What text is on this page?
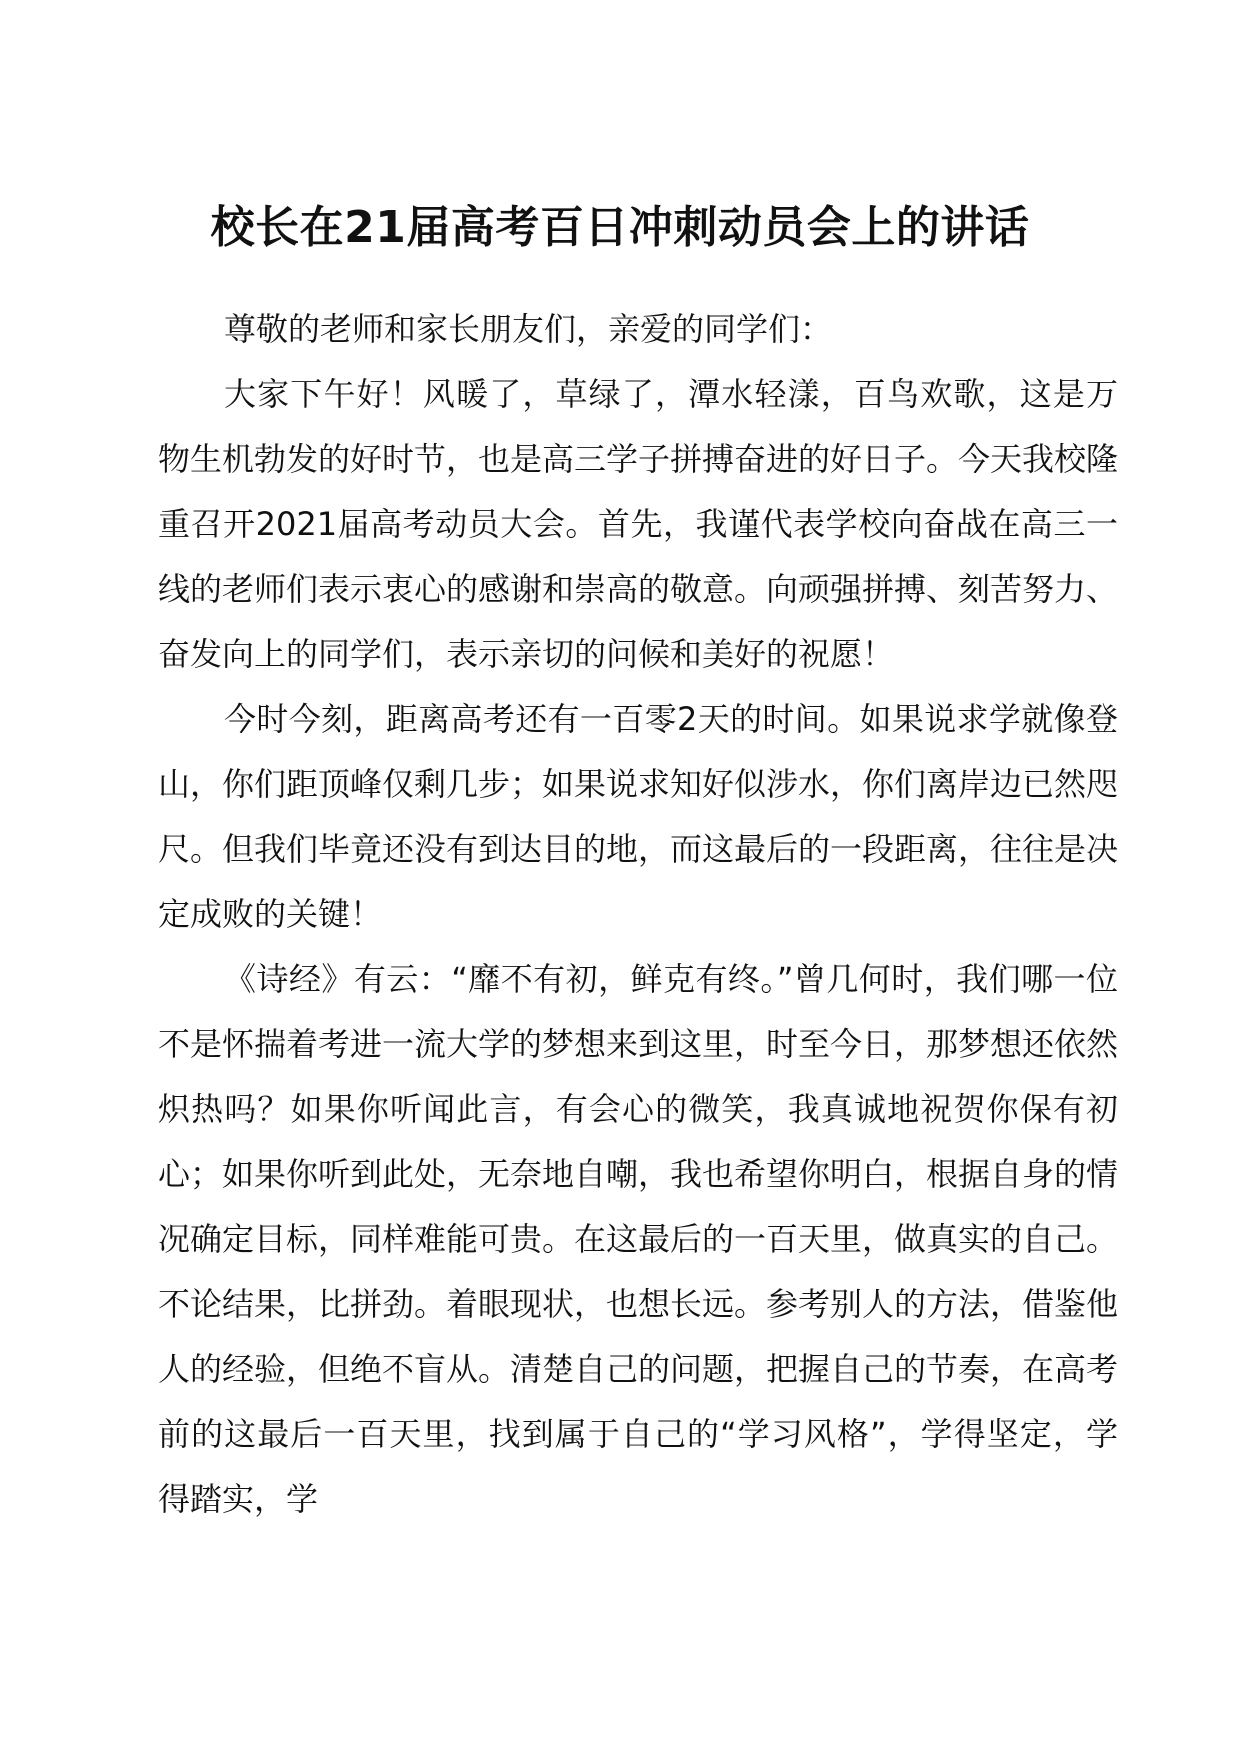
校长在21届高考百日冲刺动员会上的讲话

尊敬的老师和家长朋友们，亲爱的同学们：

大家下午好！风暖了，草绿了，潭水轻漾，百鸟欢歌，这是万物生机勃发的好时节，也是高三学子拼搏奋进的好日子。今天我校隆重召开2021届高考动员大会。首先，我谨代表学校向奋战在高三一线的老师们表示衷心的感谢和崇高的敬意。向顽强拼搏、刻苦努力、奋发向上的同学们，表示亲切的问候和美好的祝愿！

今时今刻，距离高考还有一百零2天的时间。如果说求学就像登山，你们距顶峰仅剩几步；如果说求知好似涉水，你们离岸边已然咫尺。但我们毕竟还没有到达目的地，而这最后的一段距离，往往是决定成败的关键！

《诗经》有云：“靡不有初，鲜克有终。”曾几何时，我们哪一位不是怀揣着考进一流大学的梦想来到这里，时至今日，那梦想还依然炽热吗？如果你听闻此言，有会心的微笑，我真诚地祝贺你保有初心；如果你听到此处，无奈地自嘲，我也希望你明白，根据自身的情况确定目标，同样难能可贵。在这最后的一百天里，做真实的自己。不论结果，比拼劲。着眼现状，也想长远。参考别人的方法，借鉴他人的经验，但绝不盲从。清楚自己的问题，把握自己的节奏，在高考前的这最后一百天里，找到属于自己的“学习风格”，学得坚定，学得踏实，学
